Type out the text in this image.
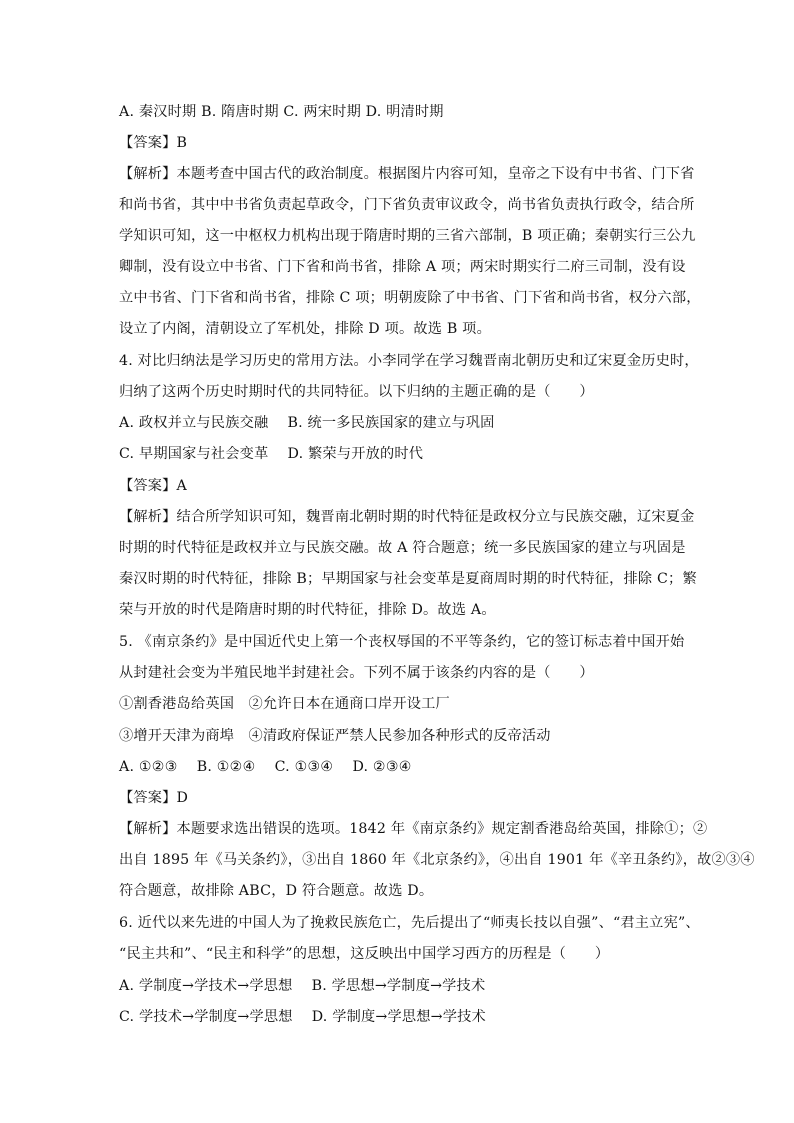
A. 秦汉时期 B. 隋唐时期 C. 两宋时期 D. 明清时期
【答案】B
【解析】本题考查中国古代的政治制度。根据图片内容可知，皇帝之下设有中书省、门下省
和尚书省，其中中书省负责起草政令，门下省负责审议政令，尚书省负责执行政令，结合所
学知识可知，这一中枢权力机构出现于隋唐时期的三省六部制，B 项正确；秦朝实行三公九
卿制，没有设立中书省、门下省和尚书省，排除 A 项；两宋时期实行二府三司制，没有设
立中书省、门下省和尚书省，排除 C 项；明朝废除了中书省、门下省和尚书省，权分六部，
设立了内阁，清朝设立了军机处，排除 D 项。故选 B 项。
4. 对比归纳法是学习历史的常用方法。小李同学在学习魏晋南北朝历史和辽宋夏金历史时，
归纳了这两个历史时期时代的共同特征。以下归纳的主题正确的是（　　）
A. 政权并立与民族交融　 B. 统一多民族国家的建立与巩固
C. 早期国家与社会变革　 D. 繁荣与开放的时代
【答案】A
【解析】结合所学知识可知，魏晋南北朝时期的时代特征是政权分立与民族交融，辽宋夏金
时期的时代特征是政权并立与民族交融。故 A 符合题意；统一多民族国家的建立与巩固是
秦汉时期的时代特征，排除 B；早期国家与社会变革是夏商周时期的时代特征，排除 C；繁
荣与开放的时代是隋唐时期的时代特征，排除 D。故选 A。
5. 《南京条约》是中国近代史上第一个丧权辱国的不平等条约，它的签订标志着中国开始
从封建社会变为半殖民地半封建社会。下列不属于该条约内容的是（　　）
①割香港岛给英国　②允许日本在通商口岸开设工厂
③增开天津为商埠　④清政府保证严禁人民参加各种形式的反帝活动
A. ①②③　 B. ①②④　 C. ①③④　 D. ②③④
【答案】D
【解析】本题要求选出错误的选项。1842 年《南京条约》规定割香港岛给英国，排除①；②
出自 1895 年《马关条约》，③出自 1860 年《北京条约》，④出自 1901 年《辛丑条约》，故②③④
符合题意，故排除 ABC，D 符合题意。故选 D。
6. 近代以来先进的中国人为了挽救民族危亡，先后提出了“师夷长技以自强”、“君主立宪”、
“民主共和”、“民主和科学”的思想，这反映出中国学习西方的历程是（　　）
A. 学制度→学技术→学思想　 B. 学思想→学制度→学技术
C. 学技术→学制度→学思想　 D. 学制度→学思想→学技术
